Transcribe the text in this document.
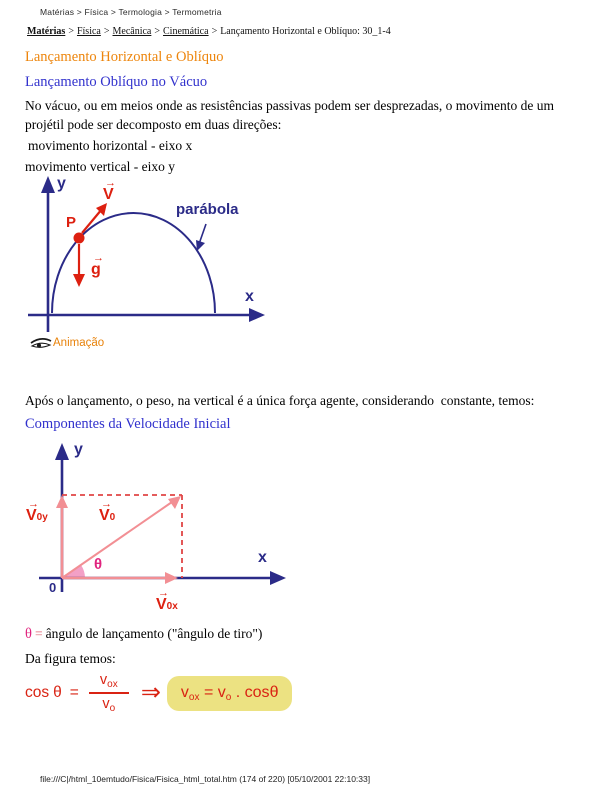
Matérias > Física > Termologia > Termometria
Matérias > Física > Mecânica > Cinemática > Lançamento Horizontal e Oblíquo: 30_1-4
Lançamento Horizontal e Oblíquo
Lançamento Oblíquo no Vácuo
No vácuo, ou em meios onde as resistências passivas podem ser desprezadas, o movimento de um projétil pode ser decomposto em duas direções:
movimento horizontal - eixo x
movimento vertical - eixo y
y
x
parábola
P
→
V
→
g
Animação
Após o lançamento, o peso, na vertical é a única força agente, considerando  constante, temos:
Componentes da Velocidade Inicial
y
x
0
θ
→
V0y
→
V0
→
V0x
θ = ângulo de lançamento ("ângulo de tiro")
Da figura temos:
$\cos \theta = \frac{v_{ox}}{v_o}$ ⇒	vox = vo . cosθ
file:///C|/html_10emtudo/Fisica/Fisica_html_total.htm (174 of 220) [05/10/2001 22:10:33]
